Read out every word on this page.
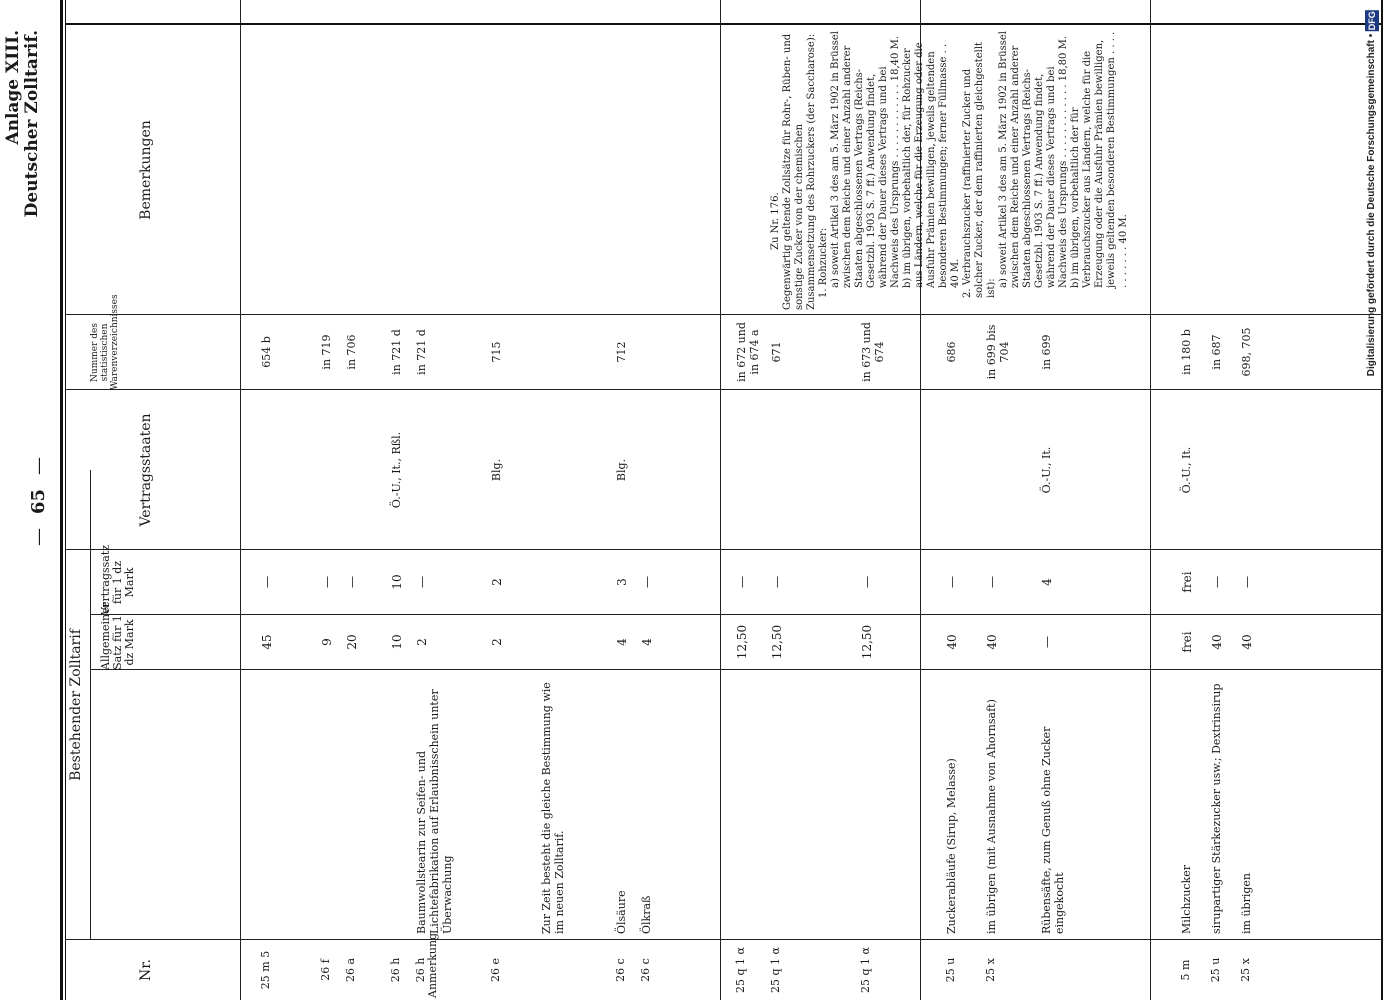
—65—
Anlage XIII. Deutscher Zolltarif.
Bestehender Zolltarif
Nr.
Allgemeiner Satz für 1 dz Mark
Vertragssatz für 1 dz Mark
Vertragsstaaten
Nummer des statistischen Warenverzeichnisses
Bemerkungen
25 m 5
45
—
654 b
26 f
9
—
in 719
26 a
20
—
in 706
26 h
10
10
Ö.-U., It., Rßl.
in 721 d
26 h Anmerkung
Baumwollstearin zur Seifen- und Lichtefabrikation auf Erlaubnisschein unter Überwachung
2
—
in 721 d
26 e
2
2
Blg.
715
Zur Zeit besteht die gleiche Bestimmung wie im neuen Zolltarif.
26 c
Ölsäure
4
3
Blg.
712
26 c
Ölkraß
4
—
25 q 1 α
12,50
—
in 672 und in 674 a
25 q 1 α
12,50
—
671
25 q 1 α
12,50
—
in 673 und 674
25 u
Zuckerabläufe (Sirup, Melasse)
40
—
686
25 x
im übrigen (mit Ausnahme von Ahornsaft)
40
—
in 699 bis 704
Rübensäfte, zum Genuß ohne Zucker eingekocht
—
4
Ö.-U., It.
in 699
5 m
Milchzucker
frei
frei
Ö.-U., It.
in 180 b
25 u
sirupartiger Stärkezucker usw.; Dextrinsirup
40
—
in 687
25 x
im übrigen
40
—
698, 705
Zu Nr. 176. Gegenwärtig geltende Zollsätze für Rohr-, Rüben- und sonstige Zucker von der chemischen Zusammensetzung des Rohrzuckers (der Saccharose): 1. Rohzucker: a) soweit Artikel 3 des am 5. März 1902 in Brüssel zwischen dem Reiche und einer Anzahl anderer Staaten abgeschlossenen Vertrags (Reichs-Gesetzbl. 1903 S. 7 ff.) Anwendung findet, während der Dauer dieses Vertrags und bei Nachweis des Ursprungs . . . . . . . . . . . . 18,40 M. b) im übrigen, vorbehaltlich der, für Rohzucker aus Ländern, welche für die Erzeugung oder die Ausfuhr Prämien bewilligen, jeweils geltenden besonderen Bestimmungen; ferner Füllmasse . . 40 M. 2. Verbrauchszucker (raffinierter Zucker und solcher Zucker, der dem raffinierten gleichgestellt ist):
a) soweit Artikel 3 des am 5. März 1902 in Brüssel zwischen dem Reiche und einer Anzahl anderer Staaten abgeschlossenen Vertrags (Reichs-Gesetzbl. 1903 S. 7 ff.) Anwendung findet, während der Dauer dieses Vertrags und bei Nachweis des Ursprungs . . . . . . . . . . . . 18,80 M. b) im übrigen, vorbehaltlich der für Verbrauchszucker aus Ländern, welche für die Erzeugung oder die Ausfuhr Prämien bewilligen, jeweils geltenden besonderen Bestimmungen . . . . . . . . . . . 40 M.	Digitalisierung gefördert durch die Deutsche Forschungsgemeinschaft • DFG
